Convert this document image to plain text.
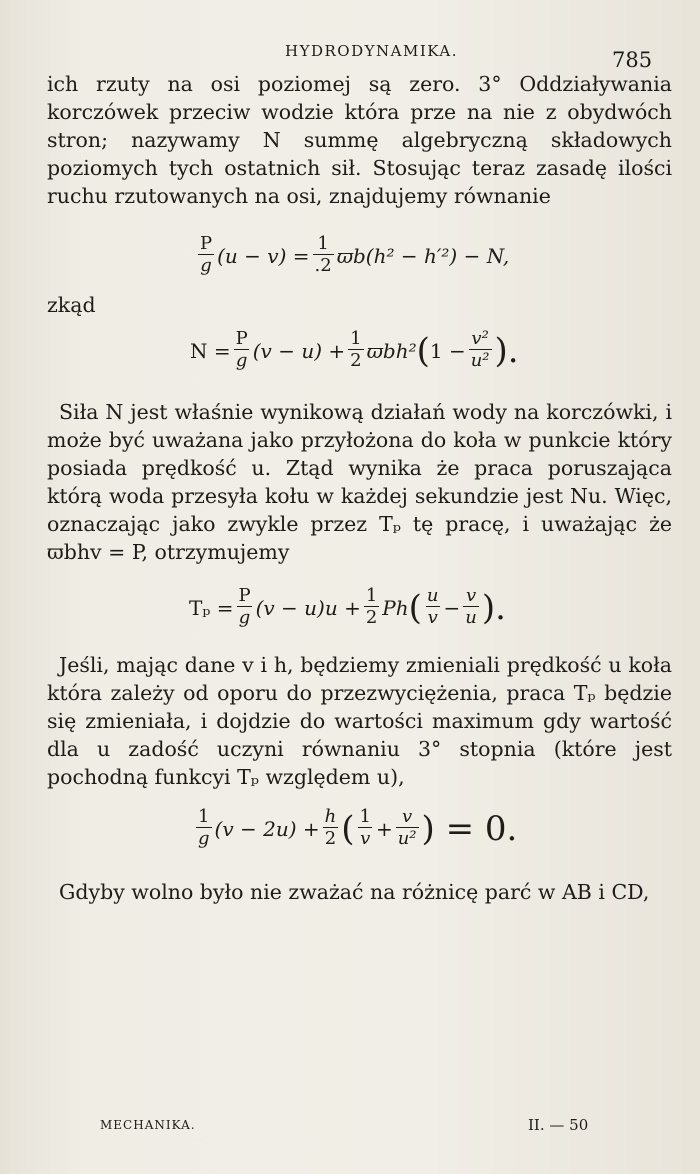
HYDRODYNAMIKA.	785

ich rzuty na osi poziomej są zero. 3° Oddziaływania korczówek przeciw wodzie która prze na nie z obydwóch stron; nazywamy N summę algebryczną składowych poziomych tych ostatnich sił. Stosując teraz zasadę ilości ruchu rzutowanych na osi, znajdujemy równanie

$\frac{P}{g} (u - v) = \frac{1}{.2} ϖb(h^2 - h'^2) - N$,

zkąd

$N = \frac{P}{g} (v - u) + \frac{1}{2} ϖbh^2$ ( $1 - \frac{\text{v²}}{\text{u²}}$ ).

Siła N jest właśnie wynikową działań wody na korczówki, i może być uważana jako przyłożona do koła w punkcie który posiada prędkość u. Ztąd wynika że praca poruszająca którą woda przesyła kołu w każdej sekundzie jest Nu. Więc, oznaczając jako zwykle przez Tₚ tę pracę, i uważając że ϖbhv = P, otrzymujemy

$T_p = \frac{P}{g} (v - u)u + \frac{1}{2}$ Ph ( $\frac{u}{v} - \frac{v}{u}$ ).

Jeśli, mając dane v i h, będziemy zmieniali prędkość u koła która zależy od oporu do przezwyciężenia, praca Tₚ będzie się zmieniała, i dojdzie do wartości maximum gdy wartość dla u zadość uczyni równaniu 3° stopnia (które jest pochodną funkcyi Tₚ względem u),

$\frac{1}{g} (v - 2u) + \frac{h}{2}$ ( $\frac{1}{v} + \frac{v}{\text{u²}}$ ) = 0.

Gdyby wolno było nie zważać na różnicę parć w AB i CD,

MECHANIKA.	II. — 50
